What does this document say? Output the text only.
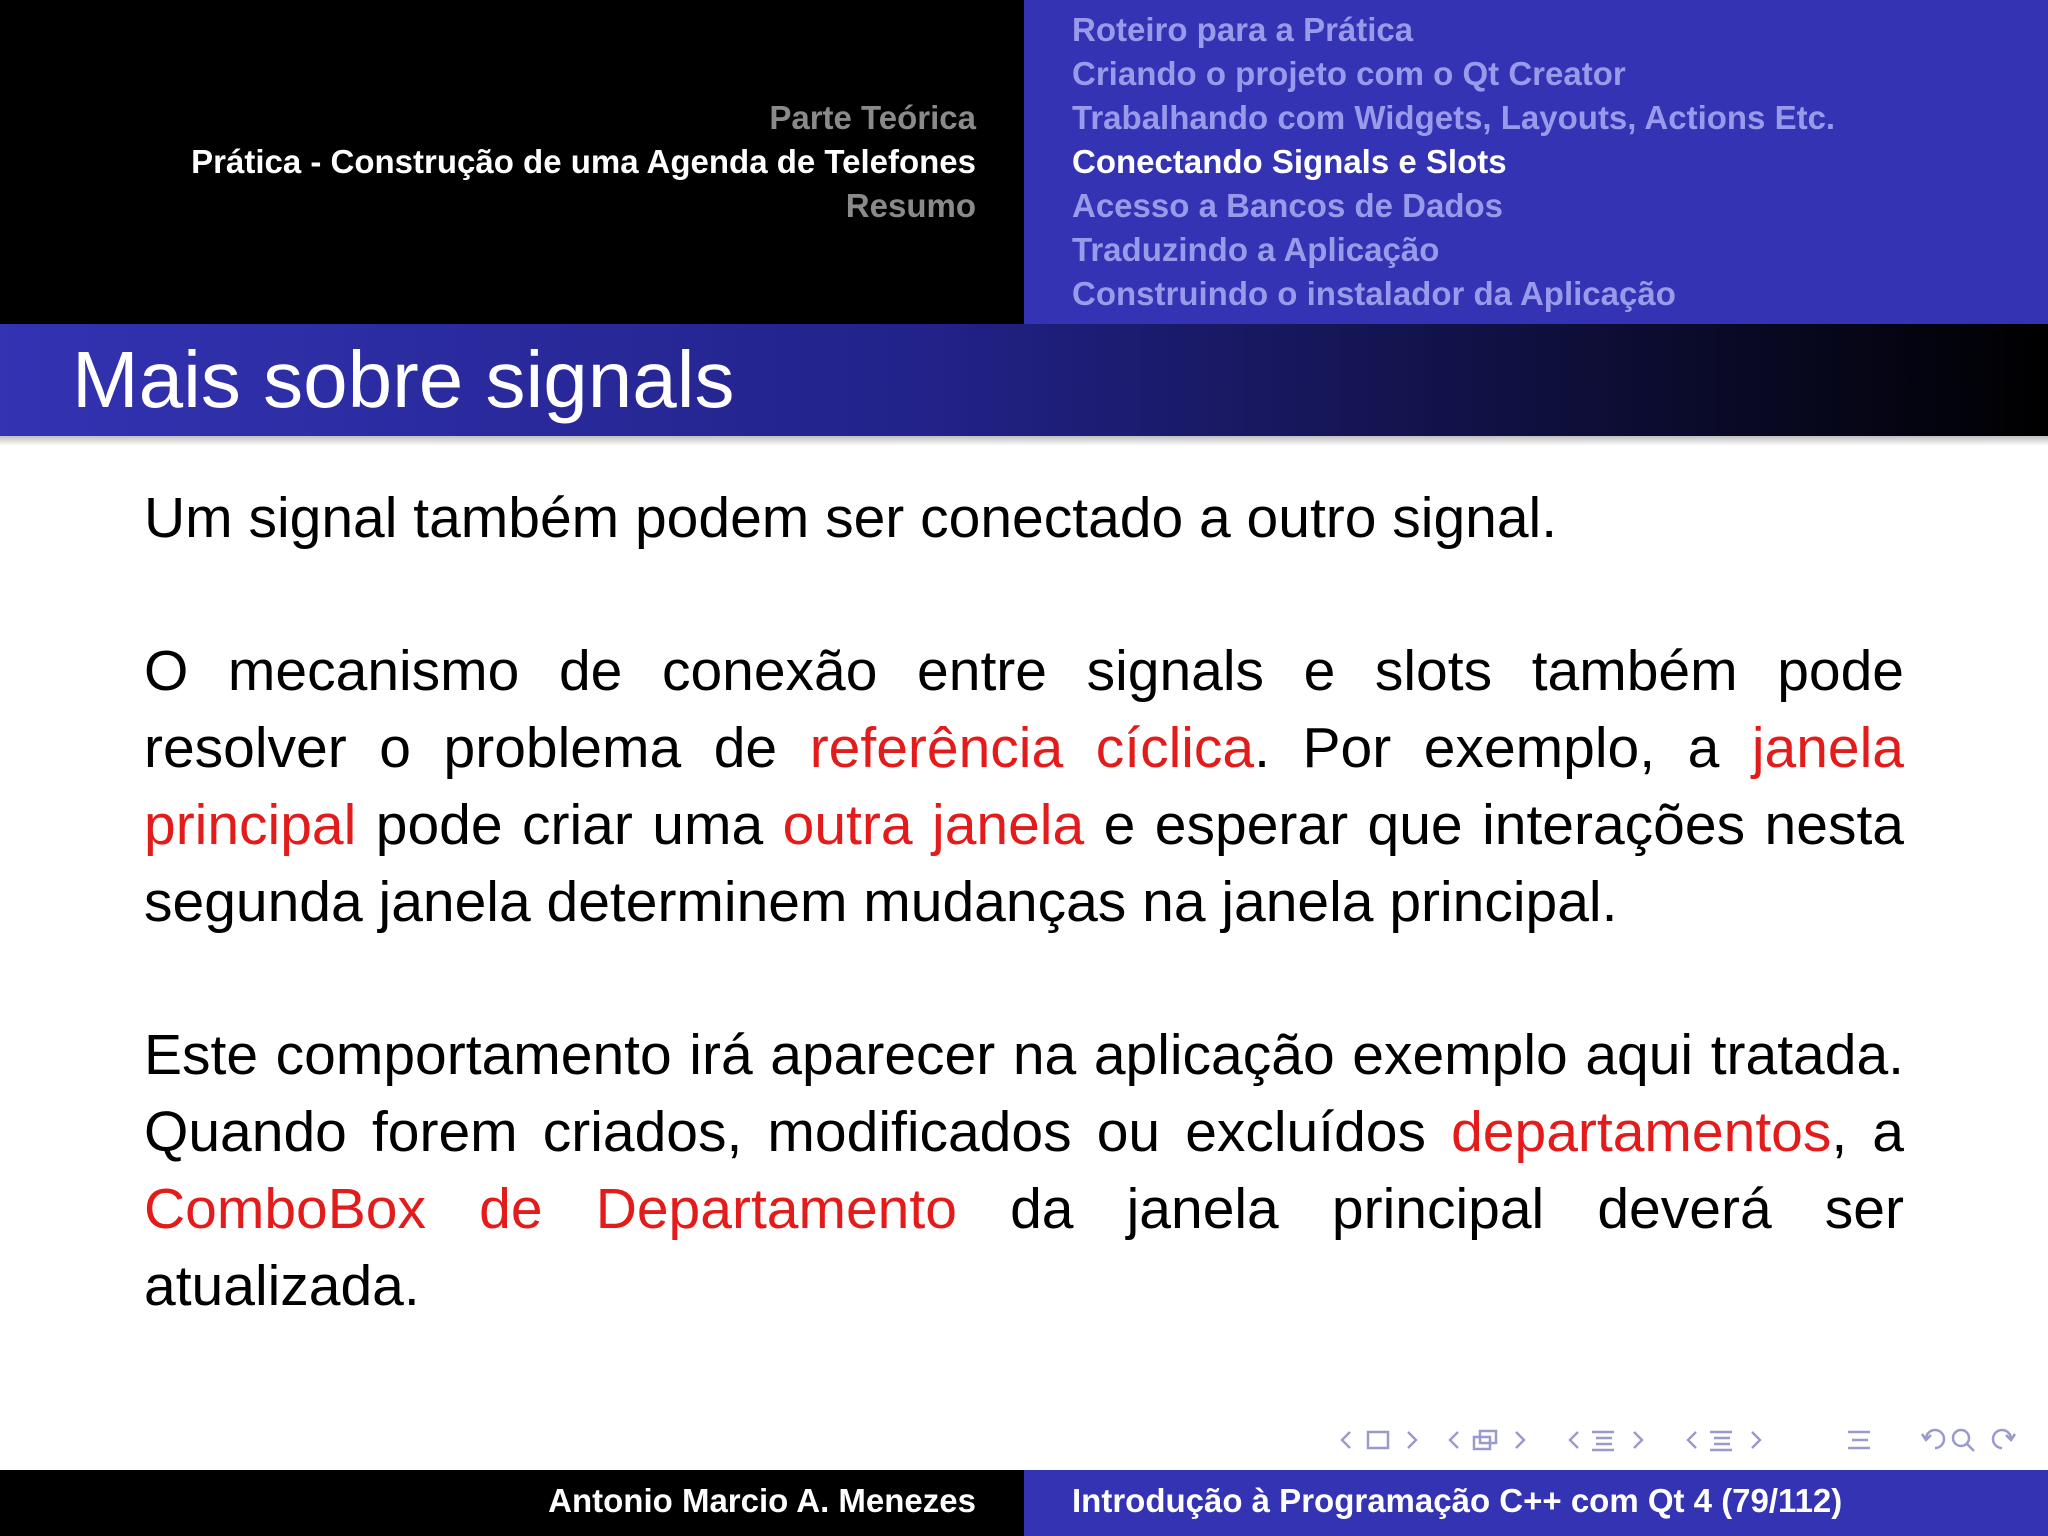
Parte Teórica
Prática - Construção de uma Agenda de Telefones
Resumo
Roteiro para a Prática
Criando o projeto com o Qt Creator
Trabalhando com Widgets, Layouts, Actions Etc.
Conectando Signals e Slots
Acesso a Bancos de Dados
Traduzindo a Aplicação
Construindo o instalador da Aplicação
Mais sobre signals

Um signal também podem ser conectado a outro signal.

O mecanismo de conexão entre signals e slots também pode resolver o problema de referência cíclica. Por exemplo, a janela principal pode criar uma outra janela e esperar que interações nesta segunda janela determinem mudanças na janela principal.

Este comportamento irá aparecer na aplicação exemplo aqui tratada. Quando forem criados, modificados ou excluídos departamentos, a ComboBox de Departamento da janela principal deverá ser atualizada.

Antonio Marcio A. Menezes	Introdução à Programação C++ com Qt 4 (79/112)
